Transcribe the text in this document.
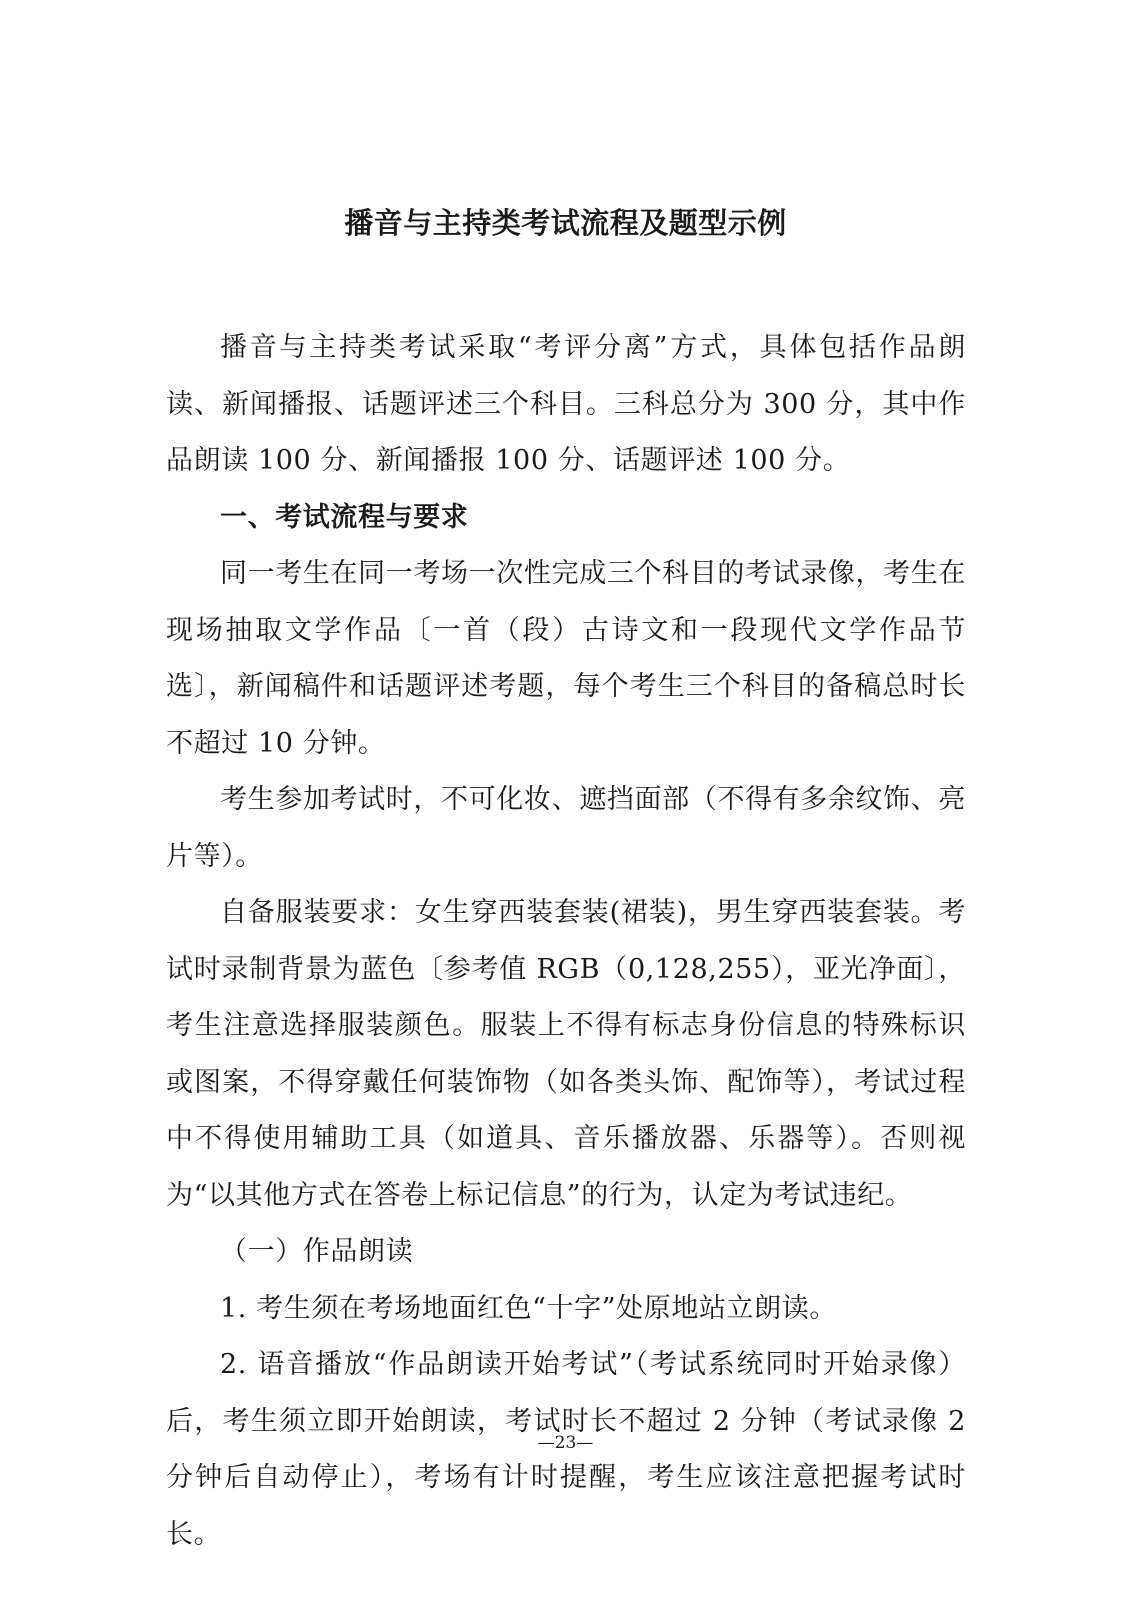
播音与主持类考试流程及题型示例

播音与主持类考试采取“考评分离”方式，具体包括作品朗读、新闻播报、话题评述三个科目。三科总分为 300 分，其中作品朗读 100 分、新闻播报 100 分、话题评述 100 分。

一、考试流程与要求

同一考生在同一考场一次性完成三个科目的考试录像，考生在现场抽取文学作品〔一首（段）古诗文和一段现代文学作品节选〕，新闻稿件和话题评述考题，每个考生三个科目的备稿总时长不超过 10 分钟。

考生参加考试时，不可化妆、遮挡面部（不得有多余纹饰、亮片等）。

自备服装要求：女生穿西装套装(裙装)，男生穿西装套装。考试时录制背景为蓝色〔参考值 RGB（0,128,255），亚光净面〕，考生注意选择服装颜色。服装上不得有标志身份信息的特殊标识或图案，不得穿戴任何装饰物（如各类头饰、配饰等），考试过程中不得使用辅助工具（如道具、音乐播放器、乐器等）。否则视为“以其他方式在答卷上标记信息”的行为，认定为考试违纪。

（一）作品朗读

1. 考生须在考场地面红色“十字”处原地站立朗读。

2. 语音播放“作品朗读开始考试”（考试系统同时开始录像）后，考生须立即开始朗读，考试时长不超过 2 分钟（考试录像 2 分钟后自动停止），考场有计时提醒，考生应该注意把握考试时长。

—23—
